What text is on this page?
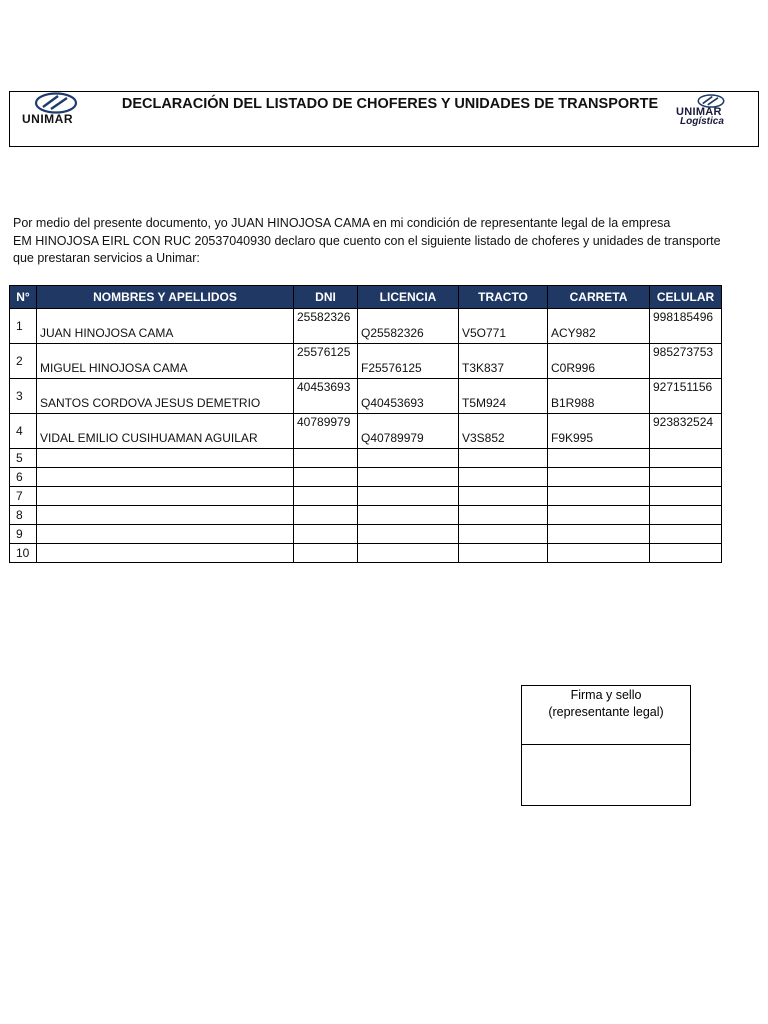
UNIMAR
DECLARACIÓN DEL LISTADO DE CHOFERES Y UNIDADES DE TRANSPORTE	UNIMAR
Logística
Por medio del presente documento, yo JUAN HINOJOSA CAMA en mi condición de representante legal de la empresa
EM HINOJOSA EIRL CON RUC 20537040930 declaro que cuento con el siguiente listado de choferes y unidades de transporte
que prestaran servicios a Unimar:
N°	NOMBRES Y APELLIDOS	DNI	LICENCIA	TRACTO	CARRETA	CELULAR
1	JUAN HINOJOSA CAMA	25582326	Q25582326	V5O771	ACY982	998185496

2	MIGUEL HINOJOSA CAMA	25576125	F25576125	T3K837	C0R996	985273753

3	SANTOS CORDOVA JESUS DEMETRIO	40453693	Q40453693	T5M924	B1R988	927151156

4	VIDAL EMILIO CUSIHUAMAN AGUILAR	40789979	Q40789979	V3S852	F9K995	923832524

5						
6						
7						
8						
9						
10						
Firma y sello
(representante legal)
